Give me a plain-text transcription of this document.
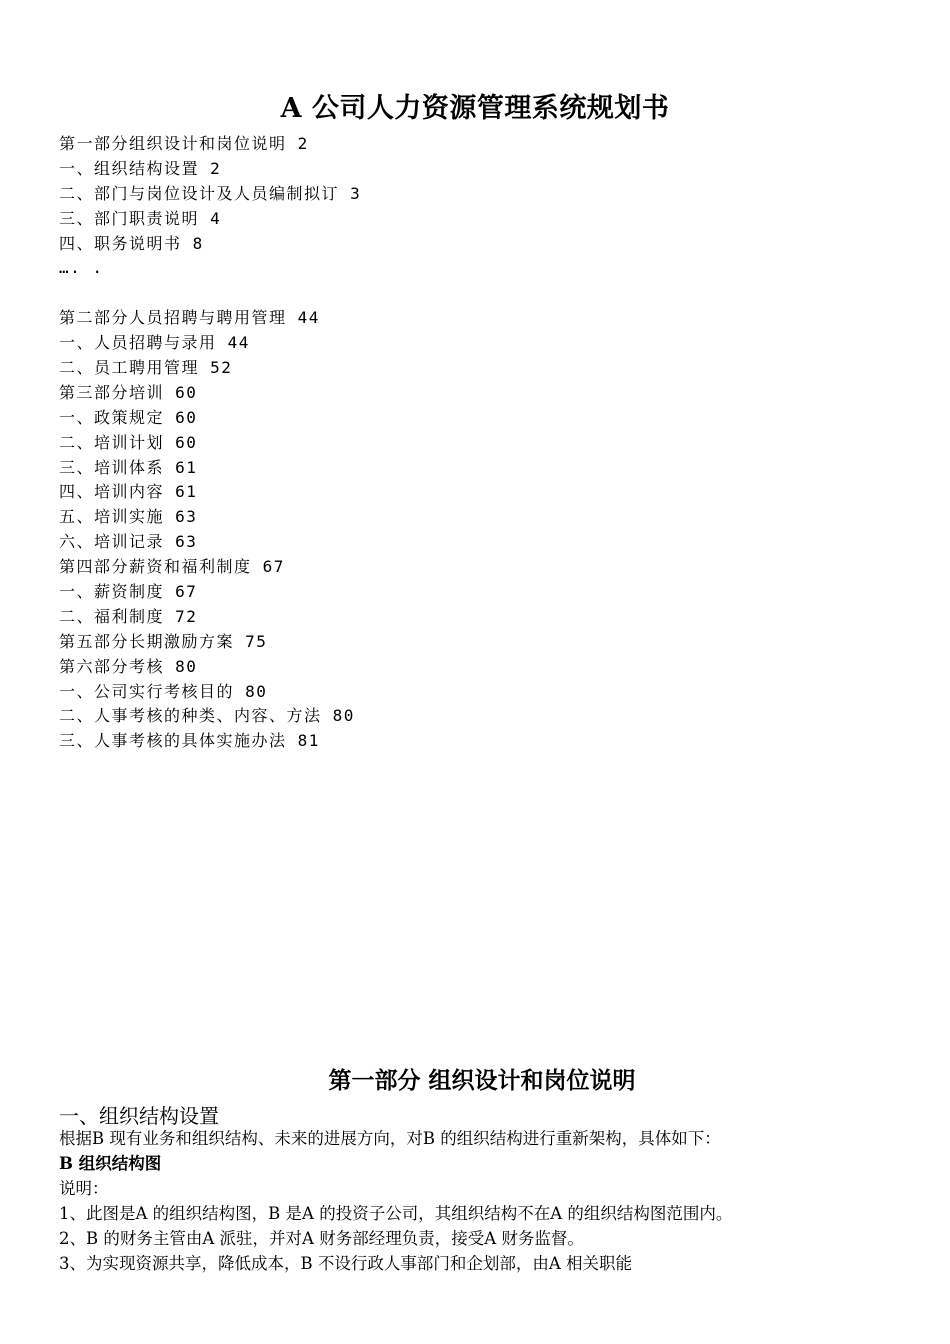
A 公司人力资源管理系统规划书
第一部分组织设计和岗位说明 2
一、组织结构设置 2
二、部门与岗位设计及人员编制拟订 3
三、部门职责说明 4
四、职务说明书 8
…. .
第二部分人员招聘与聘用管理 44
一、人员招聘与录用 44
二、员工聘用管理 52
第三部分培训 60
一、政策规定 60
二、培训计划 60
三、培训体系 61
四、培训内容 61
五、培训实施 63
六、培训记录 63
第四部分薪资和福利制度 67
一、薪资制度 67
二、福利制度 72
第五部分长期激励方案 75
第六部分考核 80
一、公司实行考核目的 80
二、人事考核的种类、内容、方法 80
三、人事考核的具体实施办法 81
第一部分 组织设计和岗位说明
一、组织结构设置
根据B 现有业务和组织结构、未来的进展方向，对B 的组织结构进行重新架构，具体如下：
B 组织结构图
说明：
1、此图是A 的组织结构图，B 是A 的投资子公司，其组织结构不在A 的组织结构图范围内。
2、B 的财务主管由A 派驻，并对A 财务部经理负责，接受A 财务监督。
3、为实现资源共享，降低成本，B 不设行政人事部门和企划部，由A 相关职能
